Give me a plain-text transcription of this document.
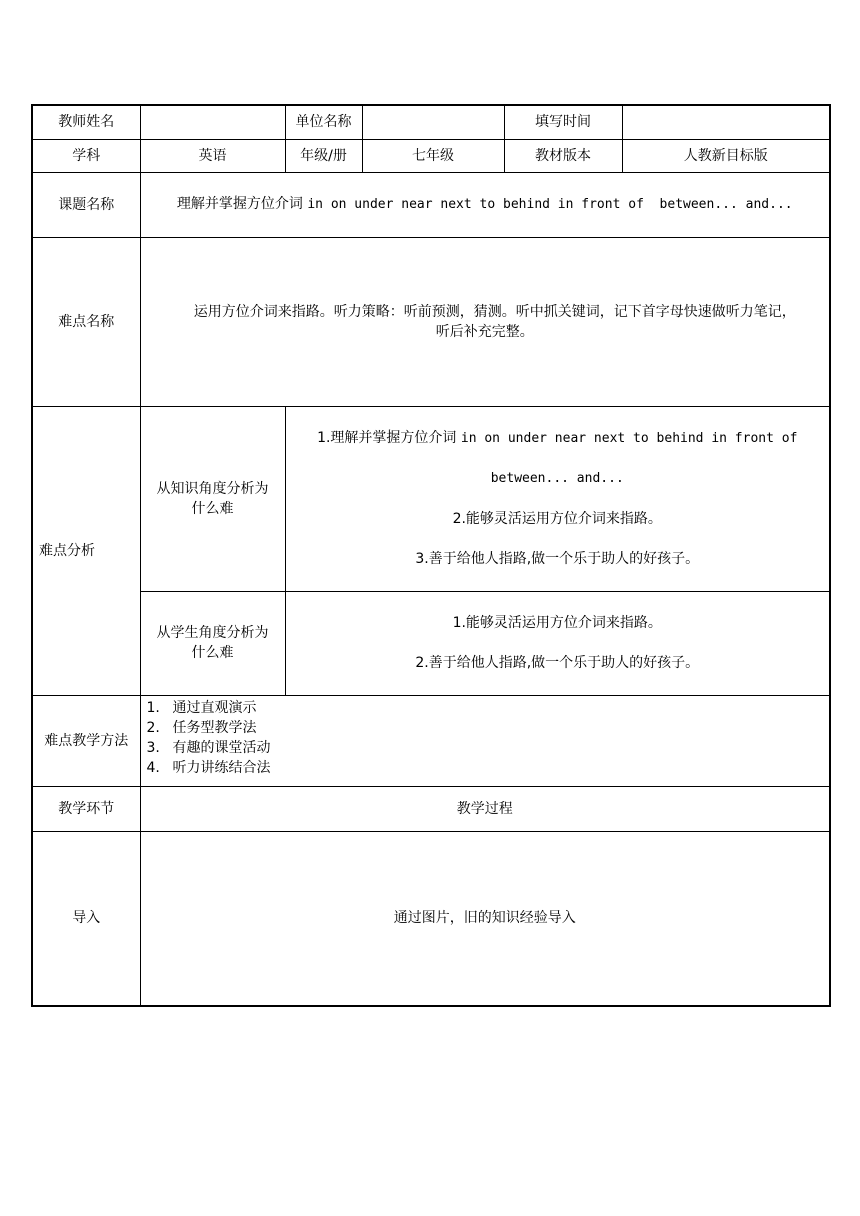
教师姓名		单位名称		填写时间	
学科	英语	年级/册	七年级	教材版本	人教新目标版
课题名称	理解并掌握方位介词 in on under near next to behind in front of  between... and...				
难点名称	运用方位介词来指路。听力策略：听前预测，猜测。听中抓关键词，记下首字母快速做听力笔记，
听后补充完整。				

难点分析	从知识角度分析为什么难	1.理解并掌握方位介词 in on under near next to behind in front of
between... and...
2.能够灵活运用方位介词来指路。
3.善于给他人指路,做一个乐于助人的好孩子。			

	从学生角度分析为什么难	1.能够灵活运用方位介词来指路。
2.善于给他人指路,做一个乐于助人的好孩子。			

难点教学方法	1. 通过直观演示
2. 任务型教学法
3. 有趣的课堂活动
4. 听力讲练结合法				

教学环节	教学过程				
导入	通过图片，旧的知识经验导入				
